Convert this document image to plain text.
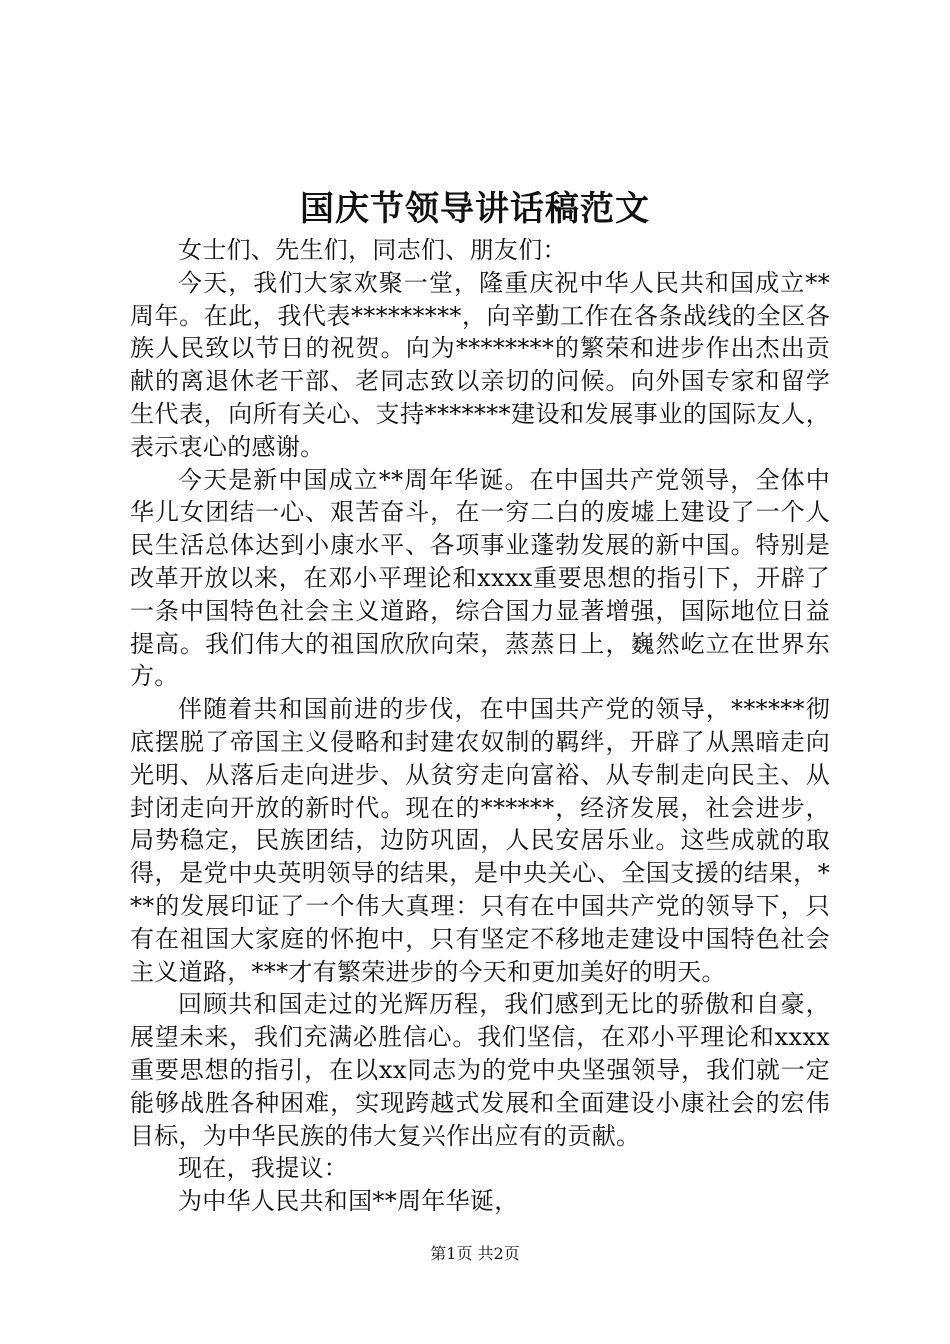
国庆节领导讲话稿范文

女士们、先生们，同志们、朋友们：

今天，我们大家欢聚一堂，隆重庆祝中华人民共和国成立**周年。在此，我代表*********，向辛勤工作在各条战线的全区各族人民致以节日的祝贺。向为********的繁荣和进步作出杰出贡献的离退休老干部、老同志致以亲切的问候。向外国专家和留学生代表，向所有关心、支持*******建设和发展事业的国际友人，表示衷心的感谢。

今天是新中国成立**周年华诞。在中国共产党领导，全体中华儿女团结一心、艰苦奋斗，在一穷二白的废墟上建设了一个人民生活总体达到小康水平、各项事业蓬勃发展的新中国。特别是改革开放以来，在邓小平理论和xxxx重要思想的指引下，开辟了一条中国特色社会主义道路，综合国力显著增强，国际地位日益提高。我们伟大的祖国欣欣向荣，蒸蒸日上，巍然屹立在世界东方。

伴随着共和国前进的步伐，在中国共产党的领导，******彻底摆脱了帝国主义侵略和封建农奴制的羁绊，开辟了从黑暗走向光明、从落后走向进步、从贫穷走向富裕、从专制走向民主、从封闭走向开放的新时代。现在的******，经济发展，社会进步，局势稳定，民族团结，边防巩固，人民安居乐业。这些成就的取得，是党中央英明领导的结果，是中央关心、全国支援的结果，***的发展印证了一个伟大真理：只有在中国共产党的领导下，只有在祖国大家庭的怀抱中，只有坚定不移地走建设中国特色社会主义道路，***才有繁荣进步的今天和更加美好的明天。

回顾共和国走过的光辉历程，我们感到无比的骄傲和自豪，展望未来，我们充满必胜信心。我们坚信，在邓小平理论和xxxx重要思想的指引，在以xx同志为的党中央坚强领导，我们就一定能够战胜各种困难，实现跨越式发展和全面建设小康社会的宏伟目标，为中华民族的伟大复兴作出应有的贡献。

现在，我提议：

为中华人民共和国**周年华诞，

第1页 共2页
